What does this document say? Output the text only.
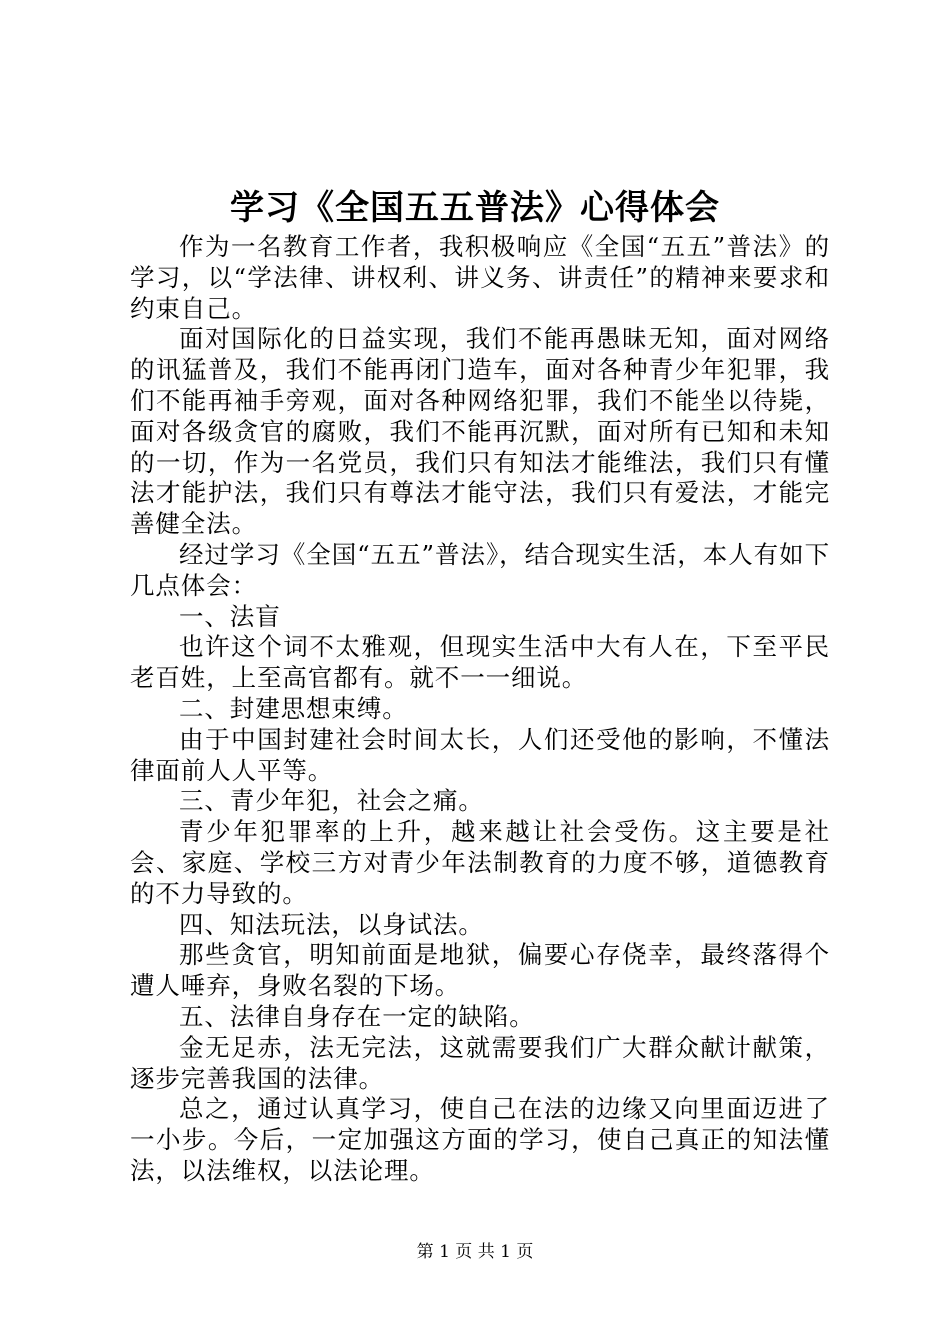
学习《全国五五普法》心得体会

作为一名教育工作者，我积极响应《全国“五五”普法》的学习，以“学法律、讲权利、讲义务、讲责任”的精神来要求和约束自己。

面对国际化的日益实现，我们不能再愚昧无知，面对网络的讯猛普及，我们不能再闭门造车，面对各种青少年犯罪，我们不能再袖手旁观，面对各种网络犯罪，我们不能坐以待毙，面对各级贪官的腐败，我们不能再沉默，面对所有已知和未知的一切，作为一名党员，我们只有知法才能维法，我们只有懂法才能护法，我们只有尊法才能守法，我们只有爱法，才能完善健全法。

经过学习《全国“五五”普法》，结合现实生活，本人有如下几点体会：

一、法盲

也许这个词不太雅观，但现实生活中大有人在，下至平民老百姓，上至高官都有。就不一一细说。

二、封建思想束缚。

由于中国封建社会时间太长，人们还受他的影响，不懂法律面前人人平等。

三、青少年犯，社会之痛。

青少年犯罪率的上升，越来越让社会受伤。这主要是社会、家庭、学校三方对青少年法制教育的力度不够，道德教育的不力导致的。

四、知法玩法，以身试法。

那些贪官，明知前面是地狱，偏要心存侥幸，最终落得个遭人唾弃，身败名裂的下场。

五、法律自身存在一定的缺陷。

金无足赤，法无完法，这就需要我们广大群众献计献策，逐步完善我国的法律。

总之，通过认真学习，使自己在法的边缘又向里面迈进了一小步。今后，一定加强这方面的学习，使自己真正的知法懂法，以法维权，以法论理。

第 1 页 共 1 页
